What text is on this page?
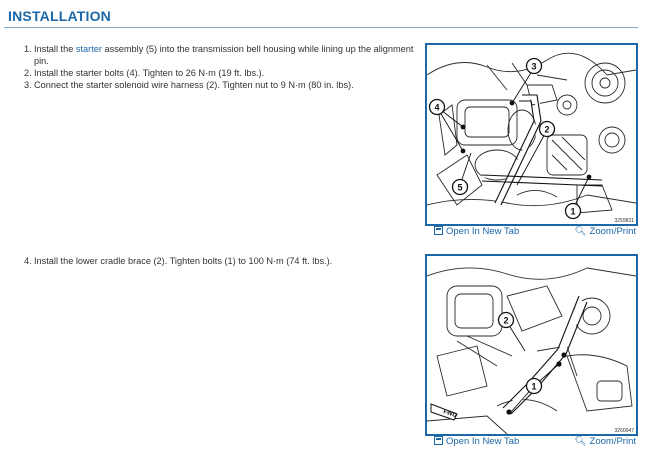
INSTALLATION
1. Install the starter assembly (5) into the transmission bell housing while lining up the alignment pin.
2. Install the starter bolts (4). Tighten to 26 N·m (19 ft. lbs.).
3. Connect the starter solenoid wire harness (2). Tighten nut to 9 N·m (80 in. lbs).
3
4
2
5
1
3259831
Open In New Tab	🔍︎ Zoom/Print
4. Install the lower cradle brace (2). Tighten bolts (1) to 100 N·m (74 ft. lbs.).
2
1
FWD
3260047
Open In New Tab	🔍︎ Zoom/Print
